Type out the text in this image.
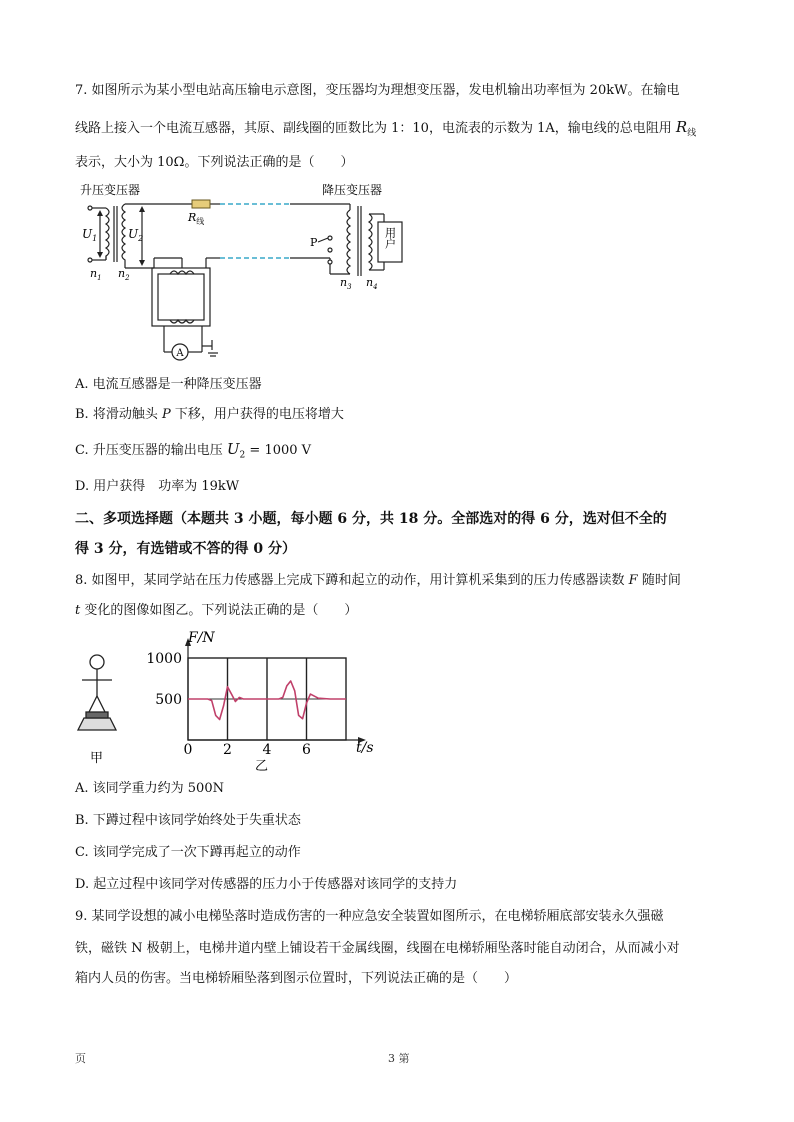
7. 如图所示为某小型电站高压输电示意图，变压器均为理想变压器，发电机输出功率恒为 20kW。在输电
线路上接入一个电流互感器，其原、副线圈的匝数比为 1：10，电流表的示数为 1A，输电线的总电阻用 $R_线$
表示，大小为 10Ω。下列说法正确的是（　　）
升压变压器	降压变压器
$U_1$	$U_2$
$R_线$
$n_1$ $n_2$	$n_3$ $n_4$
P	用户
A
A. 电流互感器是一种降压变压器
B. 将滑动触头 P 下移，用户获得的电压将增大
C. 升压变压器的输出电压 $U_2 = 1000$ V
D. 用户获得　功率为 19kW
二、多项选择题（本题共 3 小题，每小题 6 分，共 18 分。全部选对的得 6 分，选对但不全的
得 3 分，有选错或不答的得 0 分）
8. 如图甲，某同学站在压力传感器上完成下蹲和起立的动作，用计算机采集到的压力传感器读数 F 随时间
t 变化的图像如图乙。下列说法正确的是（　　）
甲
0 2 4 6
500
1000
F/N
t/s
乙
A. 该同学重力约为 500N
B. 下蹲过程中该同学始终处于失重状态
C. 该同学完成了一次下蹲再起立的动作
D. 起立过程中该同学对传感器的压力小于传感器对该同学的支持力
9. 某同学设想的减小电梯坠落时造成伤害的一种应急安全装置如图所示，在电梯轿厢底部安装永久强磁
铁，磁铁 N 极朝上，电梯井道内壁上铺设若干金属线圈，线圈在电梯轿厢坠落时能自动闭合，从而减小对
箱内人员的伤害。当电梯轿厢坠落到图示位置时，下列说法正确的是（　　）
页	3 第
